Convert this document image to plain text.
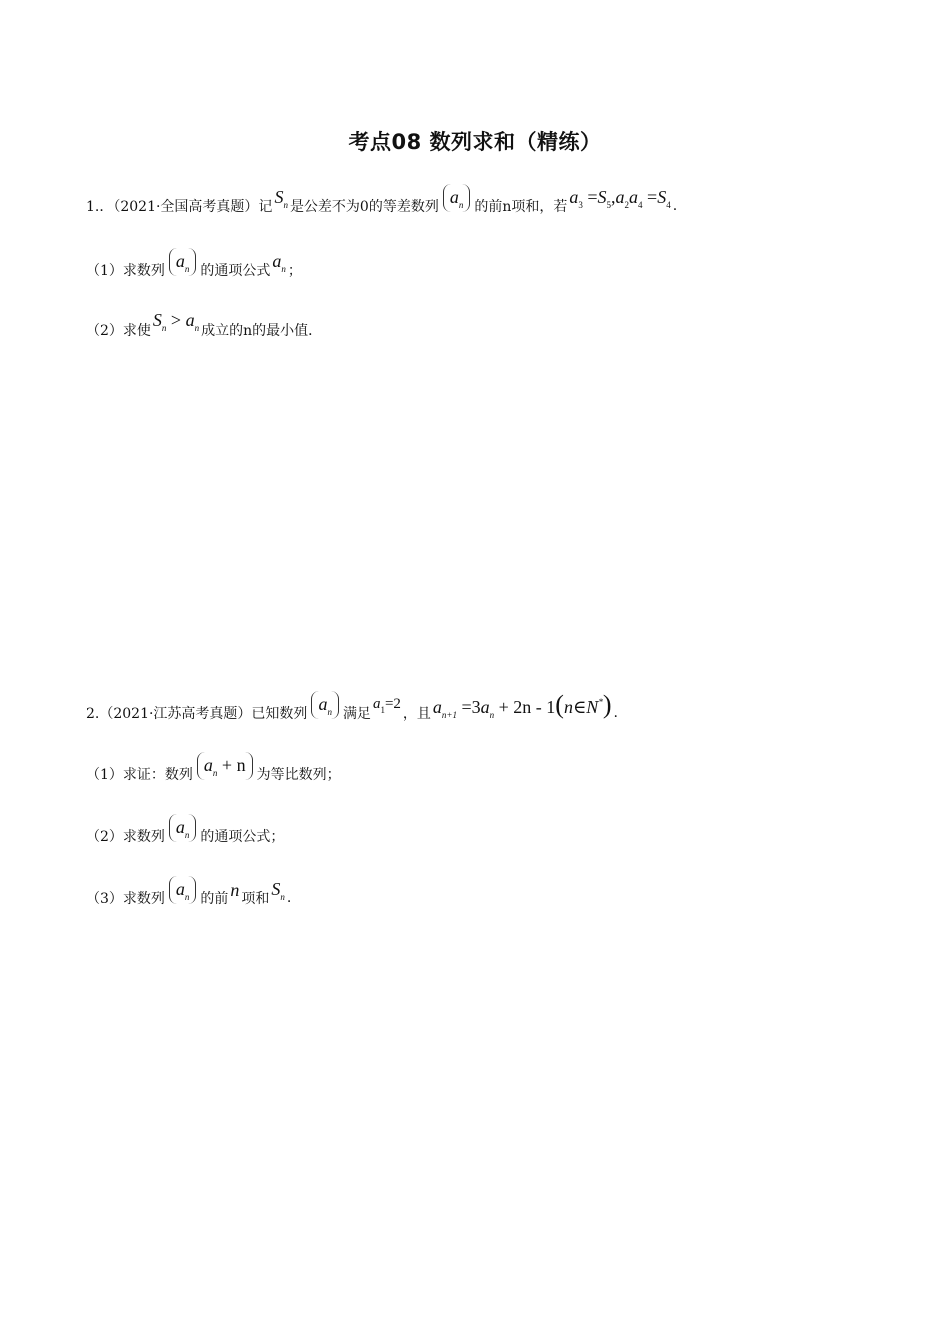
考点08 数列求和（精练）
1.．（2021·全国高考真题）记
$S_n$ 是公差不为0的等差数列 $a_n$ 的前n项和，若
$a_3 =S_5,a_2a_4 =S_4$ .
（1）求数列 $a_n$ 的通项公式
$a_n$ ；
（2）求使
$S_n > a_n$ 成立的n的最小值．
2.（2021·江苏高考真题）已知数列 $a_n$ 满足
$a_1=2$
，且 $a_{n+1} =3a_n + 2n$ - 1(n∈N*) .
（1）求证：数列 $a_n + n$ 为等比数列；
（2）求数列 $a_n$ 的通项公式；
（3）求数列 $a_n$ 的前 n 项和
$S_n$ .
